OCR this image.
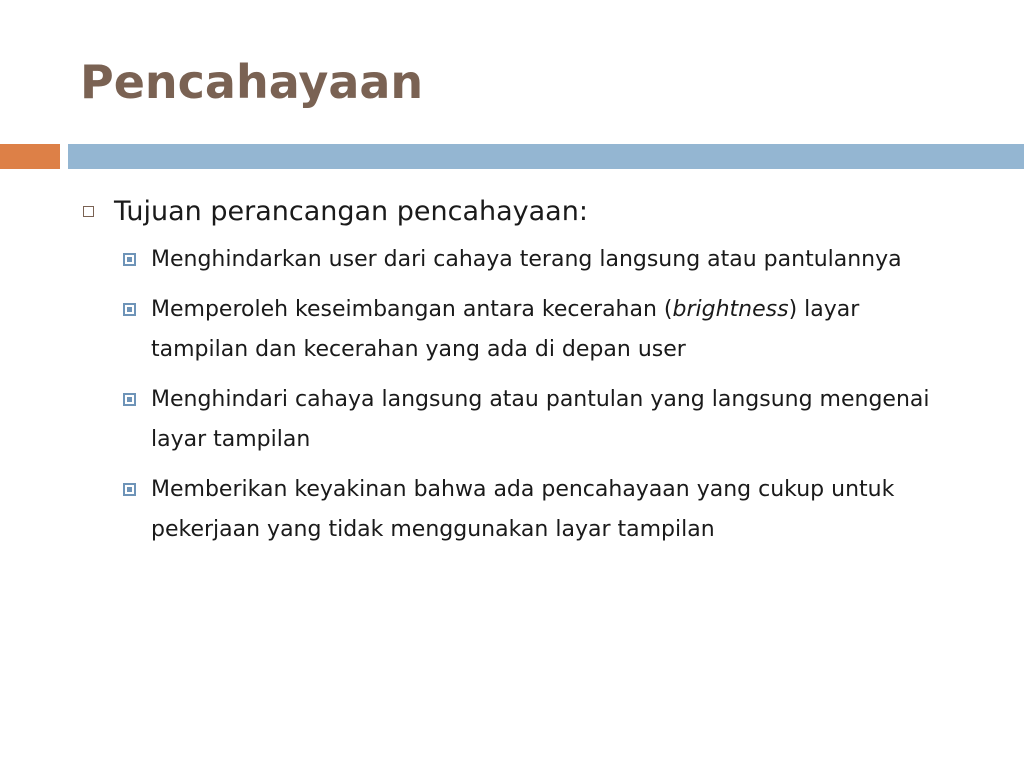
Pencahayaan
Tujuan perancangan pencahayaan:
Menghindarkan user dari cahaya terang langsung atau pantulannya
Memperoleh keseimbangan antara kecerahan (brightness) layar tampilan dan kecerahan yang ada di depan user
Menghindari cahaya langsung atau pantulan yang langsung mengenai layar tampilan
Memberikan keyakinan bahwa ada pencahayaan yang cukup untuk pekerjaan yang tidak menggunakan layar tampilan
